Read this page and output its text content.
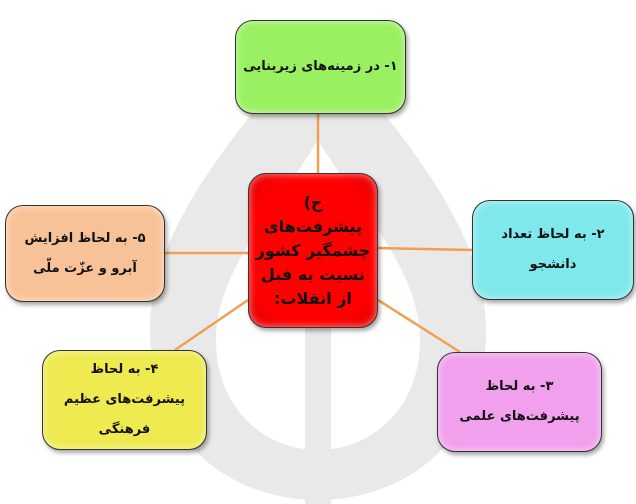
ح) پیشرفت‌های چشمگیر کشور نسبت به قبل از انقلاب:
۱- در زمینه‌های زیربنایی
۲- به لحاظ تعداد دانشجو
۳- به لحاظ پیشرفت‌های علمی
۴- به لحاظ پیشرفت‌های عظیم فرهنگی
۵- به لحاظ افزایش آبرو و عزّت ملّی
